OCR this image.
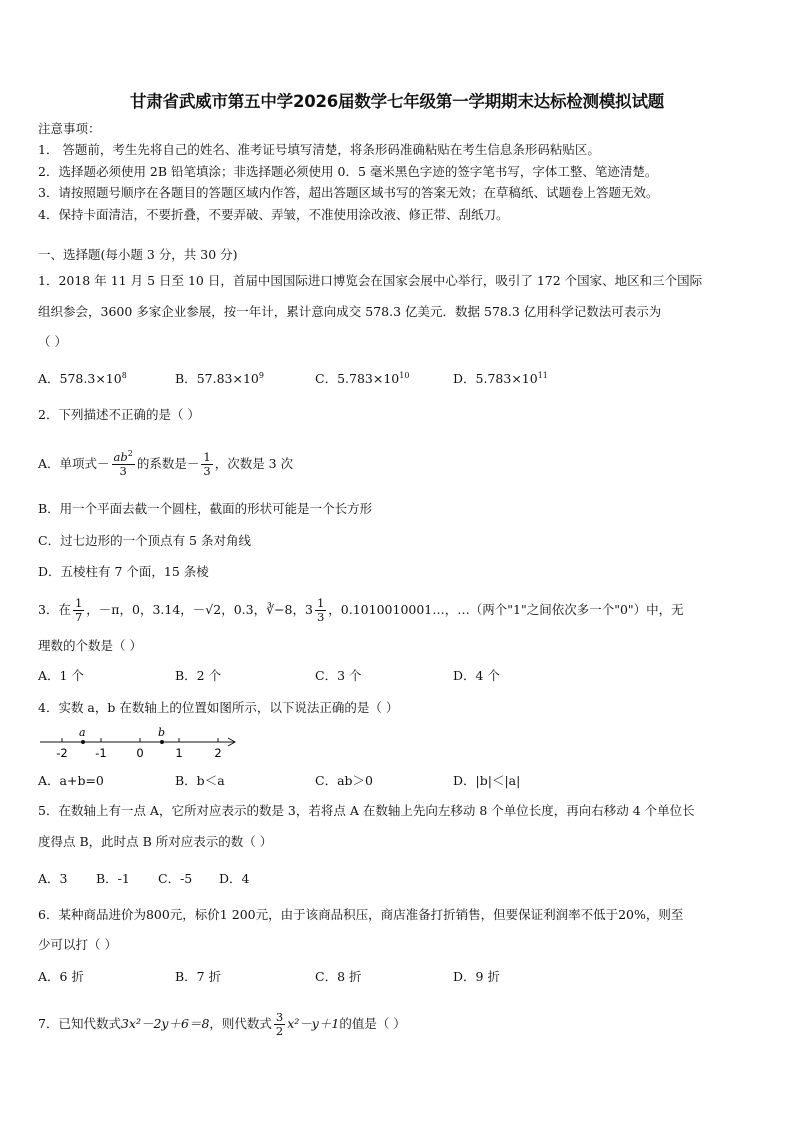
甘肃省武威市第五中学2026届数学七年级第一学期期末达标检测模拟试题
注意事项：
1． 答题前，考生先将自己的姓名、准考证号填写清楚，将条形码准确粘贴在考生信息条形码粘贴区。
2．选择题必须使用 2B 铅笔填涂；非选择题必须使用 0．5 毫米黑色字迹的签字笔书写，字体工整、笔迹清楚。
3．请按照题号顺序在各题目的答题区域内作答，超出答题区域书写的答案无效；在草稿纸、试题卷上答题无效。
4．保持卡面清洁，不要折叠，不要弄破、弄皱，不准使用涂改液、修正带、刮纸刀。
一、选择题(每小题 3 分，共 30 分)
1．2018 年 11 月 5 日至 10 日，首届中国国际进口博览会在国家会展中心举行，吸引了 172 个国家、地区和三个国际
组织参会，3600 多家企业参展，按一年计，累计意向成交 578.3 亿美元．数据 578.3 亿用科学记数法可表示为
（ ）
A．$578.3\times 10^8$	B．$57.83\times 10^9$	C．$5.783\times 10^{10}$	D．$5.783\times 10^{11}$
2．下列描述不正确的是（ ）
A．单项式－ $\frac{ab^2}{3}$ 的系数是－ $\frac{1}{3}$ ，次数是 3 次
B．用一个平面去截一个圆柱，截面的形状可能是一个长方形
C．过七边形的一个顶点有 5 条对角线
D．五棱柱有 7 个面，15 条棱
3．在 $\frac{1}{7}$ ，－π，0，3.14，－√2，0.3，∛−8，$3 \frac{1}{3}$ ，0.1010010001…，…（两个"1"之间依次多一个"0"）中，无
理数的个数是（ ）
A．1 个	B．2 个	C．3 个	D．4 个
4．实数 a，b 在数轴上的位置如图所示，以下说法正确的是（ ）
a	b
-2 -1	0	1	2
A．a+b=0	B．b＜a	C．ab＞0	D．|b|＜|a|
5．在数轴上有一点 A，它所对应表示的数是 3，若将点 A 在数轴上先向左移动 8 个单位长度，再向右移动 4 个单位长
度得点 B，此时点 B 所对应表示的数（ ）
A．3 B．-1 C．-5 D．4
6．某种商品进价为800元，标价1 200元，由于该商品积压，商店准备打折销售，但要保证利润率不低于20%，则至
少可以打（ ）
A．6 折	B．7 折	C．8 折	D．9 折
7．已知代数式3x²－2y＋6＝8，则代数式 $\frac{3}{2} x^2-y+1$的值是（ ）
